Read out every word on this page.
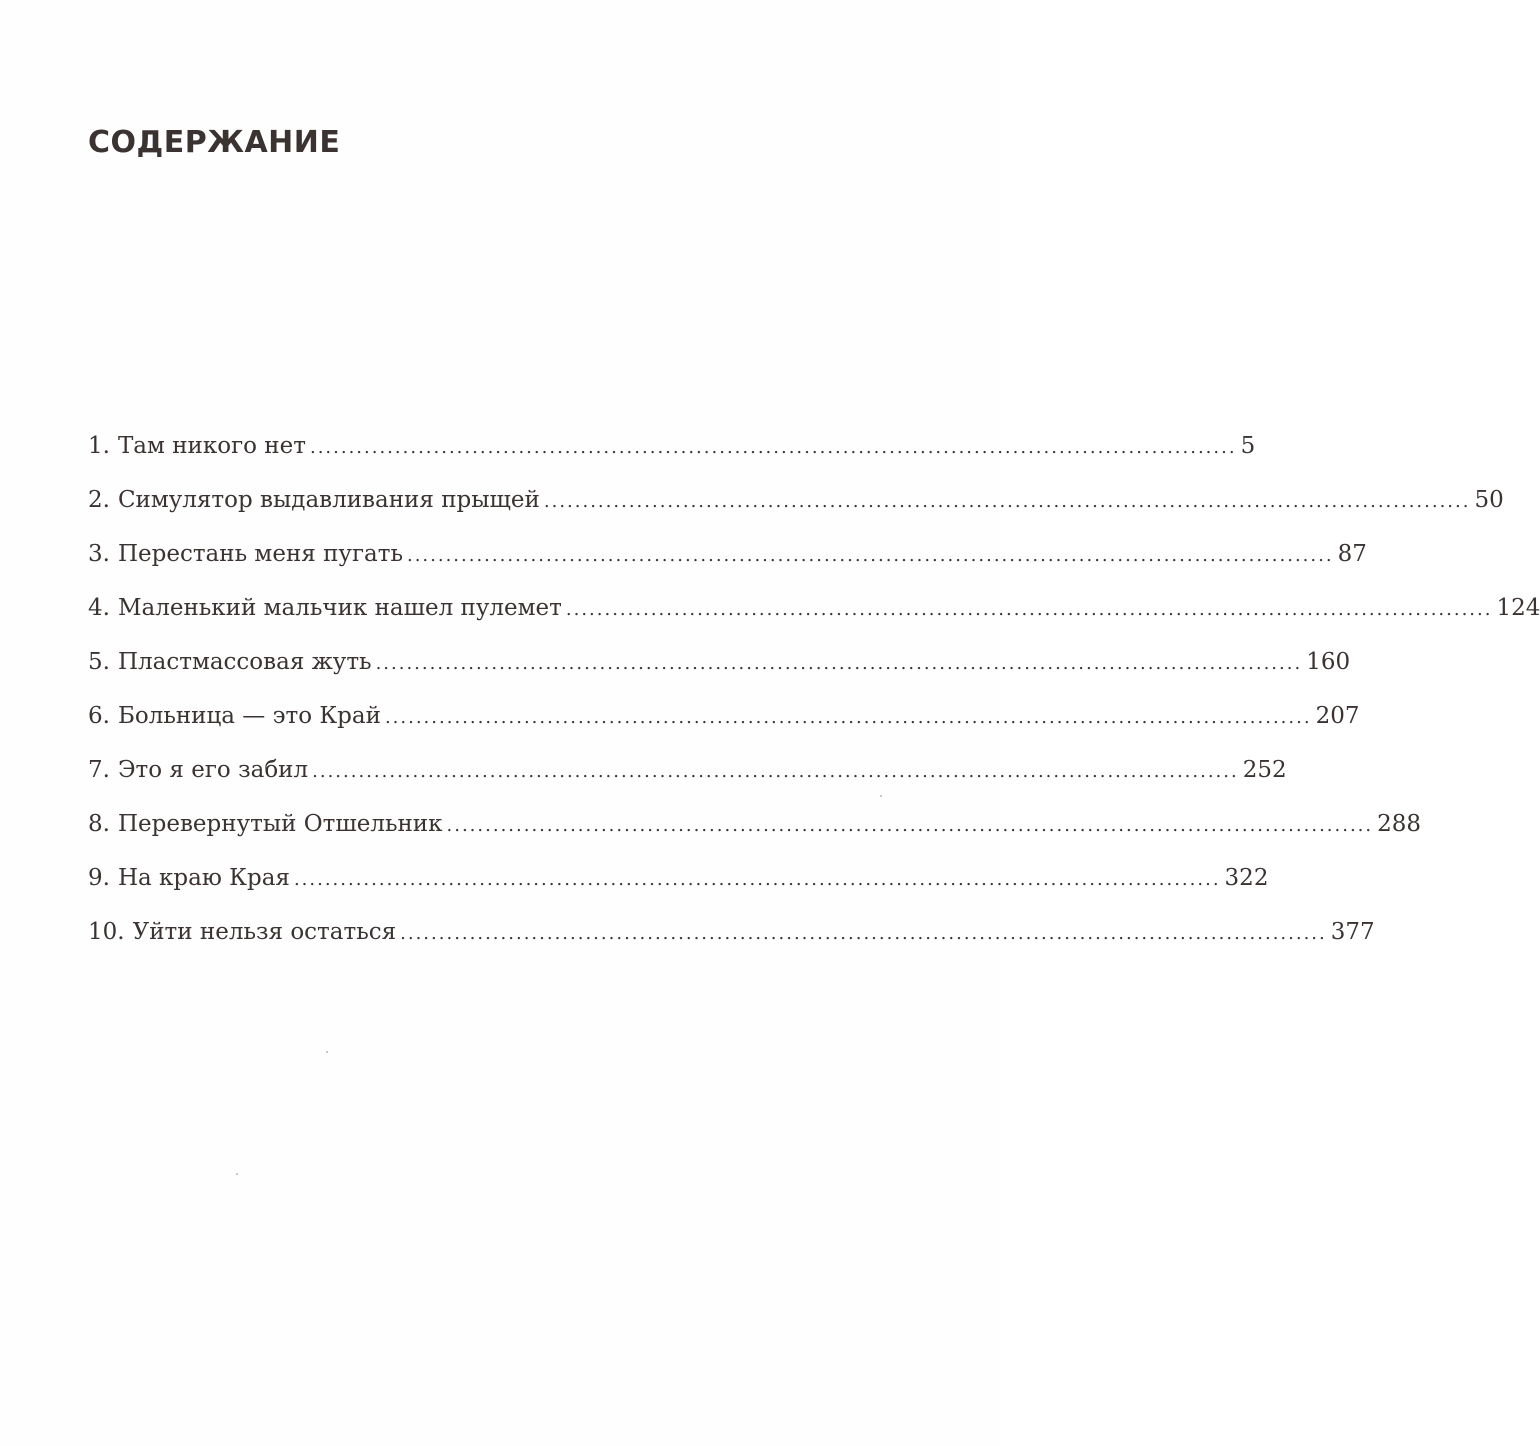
СОДЕРЖАНИЕ
1. Там никого нет ........................................................................................................................ 5
2. Симулятор выдавливания прыщей ........................................................................................................................ 50
3. Перестань меня пугать ........................................................................................................................ 87
4. Маленький мальчик нашел пулемет ........................................................................................................................ 124
5. Пластмассовая жуть ........................................................................................................................ 160
6. Больница — это Край ........................................................................................................................ 207
7. Это я его забил ........................................................................................................................ 252
8. Перевернутый Отшельник ........................................................................................................................ 288
9. На краю Края ........................................................................................................................ 322
10. Уйти нельзя остаться ........................................................................................................................ 377
